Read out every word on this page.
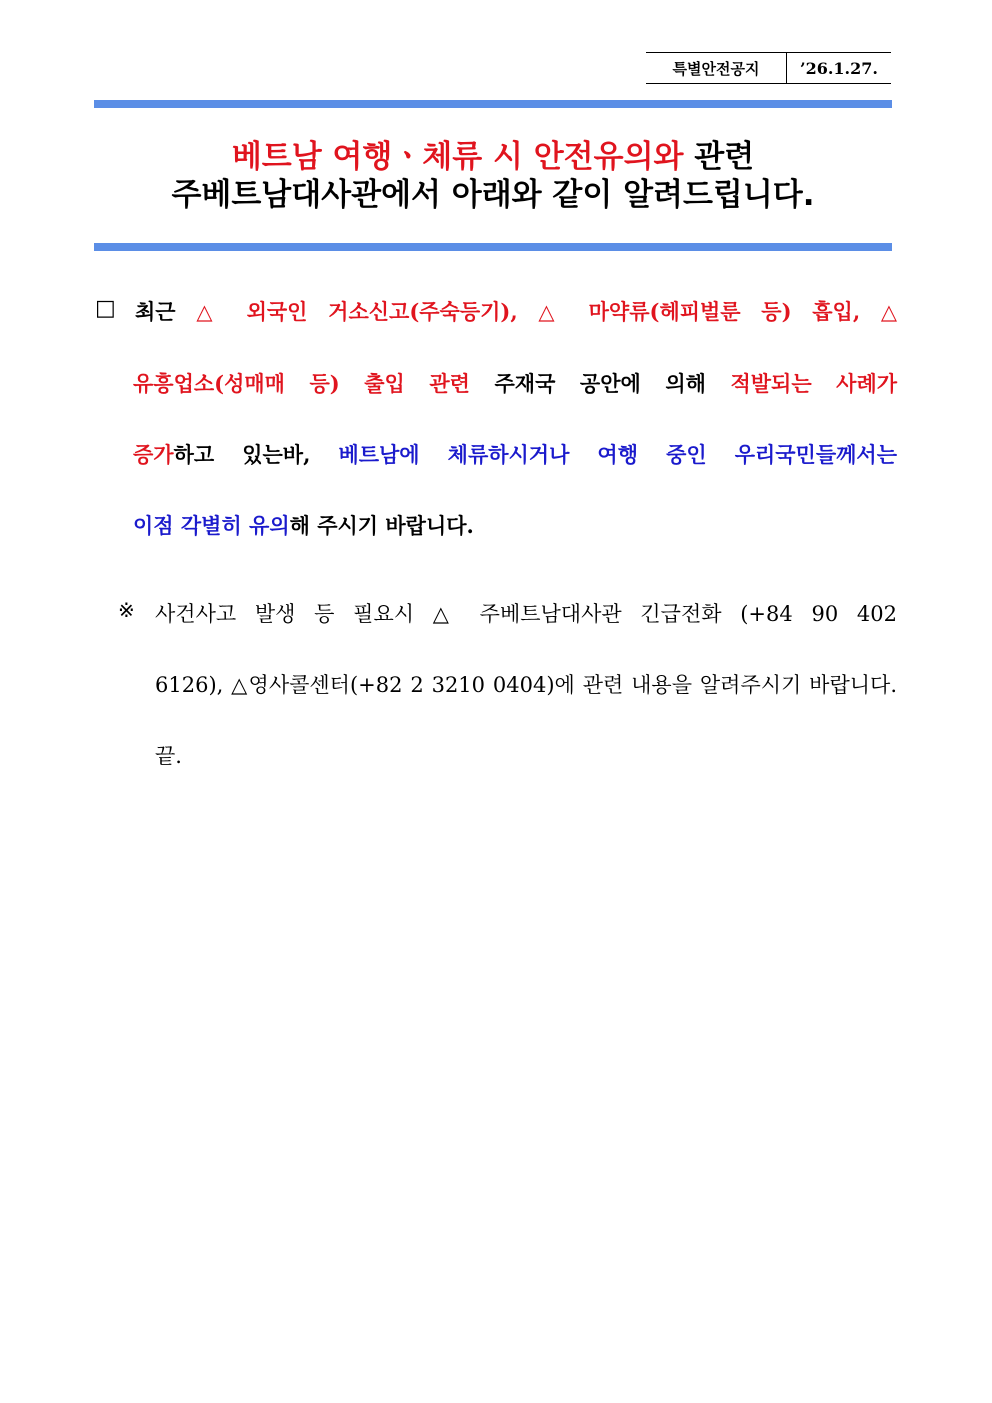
특별안전공지	’26.1.27.
베트남 여행ㆍ체류 시 안전유의와 관련
주베트남대사관에서 아래와 같이 알려드립니다.
□ 최근 △ 외국인 거소신고(주숙등기), △ 마약류(헤피벌룬 등) 흡입, △
유흥업소(성매매 등) 출입 관련 주재국 공안에 의해 적발되는 사례가
증가하고 있는바, 베트남에 체류하시거나 여행 중인 우리국민들께서는
이점 각별히 유의해 주시기 바랍니다.
※ 사건사고 발생 등 필요시 △ 주베트남대사관 긴급전화 (+84 90 402
6126), △영사콜센터(+82 2 3210 0404)에 관련 내용을 알려주시기 바랍니다.
끝.
